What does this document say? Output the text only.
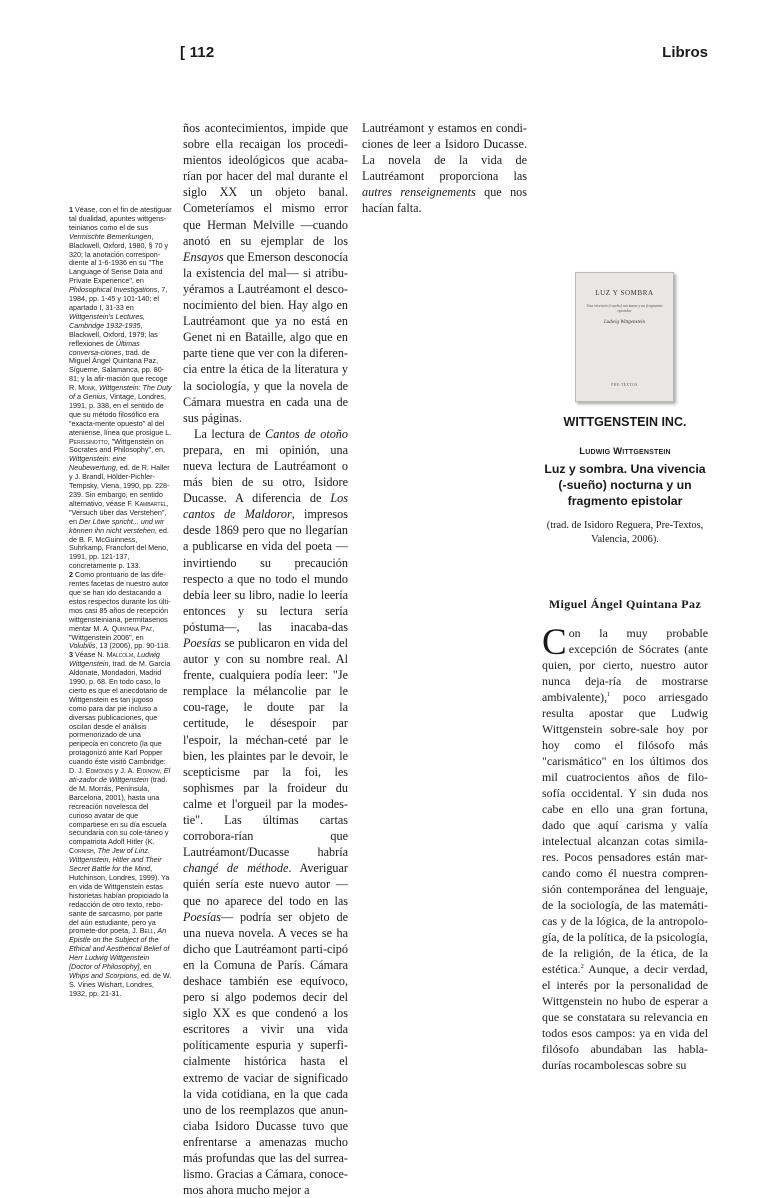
[ 112	Libros

1 Véase, con el fin de atestiguar tal dualidad, apuntes wittgens-teinianos como el de sus Vermischte Bemerkungen, Blackwell, Oxford, 1980, § 70 y 320; la anotación correspon-diente al 1-6-1936 en su "The Language of Sense Data and Private Experience", en Philosophical Investigations, 7, 1984, pp. 1-45 y 101-140; el apartado I, 31-33 en Wittgenstein's Lectures, Cambridge 1932-1935, Blackwell, Oxford, 1979; las reflexiones de Últimas conversa-ciones, trad. de Miguel Ángel Quintana Paz, Sígueme, Salamanca, pp. 80-81; y la afir-mación que recoge R. Monk, Wittgenstein: The Duty of a Genius, Vintage, Londres, 1991, p. 338, en el sentido de que su método filosófico era "exacta-mente opuesto" al del ateniense, línea que prosigue L. Perissinotto, "Wittgenstein on Socrates and Philosophy", en, Wittgenstein: eine Neubewertung, ed. de R. Haller y J. Brandl, Hölder-Pichler-Tempsky, Viena, 1990, pp. 228-239. Sin embargo, en sentido alternativo, véase F. Kambartel, "Versuch über das Verstehen", en Der Löwe spricht... und wir können ihn nicht verstehen, ed. de B. F. McGuinness, Suhrkamp, Francfort del Meno, 1991, pp. 121-137, concretamente p. 133.

2 Como prontuario de las dife-rentes facetas de nuestro autor que se han ido destacando a estos respectos durante los últi-mos casi 85 años de recepción wittgensteiniana, permitasenos mentar M. A. Quintana Paz, "Wittgenstein 2006", en Volubilis, 13 (2006), pp. 90-118.

3 Véase N. Malcolm, Ludwig Wittgenstein, trad. de M. García Aldonate, Mondadori, Madrid 1990, p. 68. En todo caso, lo cierto es que el anecdotario de Wittgenstein es tan jugoso como para dar pie incluso a diversas publicaciones, que oscilan desde el análisis pormenorizado de una peripecia en concreto (la que protagonizó ante Karl Popper cuando éste visitó Cambridge: D. J. Edmonds y J. A. Eidinow, El ati-zador de Wittgenstein (trad. de M. Morrás, Península, Barcelona, 2001), hasta una recreación novelesca del curioso avatar de que compartiese en su día escuela secundaria con su cole-táneo y compatriota Adolf Hitler (K. Cornish, The Jew of Linz. Wittgenstein, Hitler and Their Secret Battle for the Mind, Hutchinson, Londres, 1999). Ya en vida de Wittgenstein estas historietas habían propiciado la redacción de otro texto, rebo-sante de sarcasmo, por parte del aún estudiante, pero ya promete-dor poeta, J. Bell, An Epistle on the Subject of the Ethical and Aesthetical Belief of Herr Ludwig Wittgenstein [Doctor of Philosophy], en Whips and Scorpions, ed. de W. S. Vines Wishart, Londres, 1932, pp. 21-31.

ños acontecimientos, impide que sobre ella recaigan los procedi-mientos ideológicos que acaba-rían por hacer del mal durante el siglo XX un objeto banal. Cometeríamos el mismo error que Herman Melville —cuando anotó en su ejemplar de los Ensayos que Emerson desconocía la existencia del mal— si atribu-yéramos a Lautréamont el desco-nocimiento del bien. Hay algo en Lautréamont que ya no está en Genet ni en Bataille, algo que en parte tiene que ver con la diferen-cia entre la ética de la literatura y la sociología, y que la novela de Cámara muestra en cada una de sus páginas.

La lectura de Cantos de otoño prepara, en mi opinión, una nueva lectura de Lautréamont o más bien de su otro, Isidore Ducasse. A diferencia de Los cantos de Maldoror, impresos desde 1869 pero que no llegarían a publicarse en vida del poeta —invirtiendo su precaución respecto a que no todo el mundo debía leer su libro, nadie lo leería entonces y su lectura sería póstuma—, las inacaba-das Poesías se publicaron en vida del autor y con su nombre real. Al frente, cualquiera podía leer: "Je remplace la mélancolie par le cou-rage, le doute par la certitude, le désespoir par l'espoir, la méchan-ceté par le bien, les plaintes par le devoir, le scepticisme par la foi, les sophismes par la froideur du calme et l'orgueil par la modes-tie". Las últimas cartas corrobora-rían que Lautréamont/Ducasse habría changé de méthode. Averiguar quién sería este nuevo autor —que no aparece del todo en las Poesías— podría ser objeto de una nueva novela. A veces se ha dicho que Lautréamont parti-cipó en la Comuna de París. Cámara deshace también ese equívoco, pero si algo podemos decir del siglo XX es que condenó a los escritores a vivir una vida políticamente espuria y superfi-cialmente histórica hasta el extremo de vaciar de significado la vida cotidiana, en la que cada uno de los reemplazos que anun-ciaba Isidoro Ducasse tuvo que enfrentarse a amenazas mucho más profundas que las del surrea-lismo. Gracias a Cámara, conoce-mos ahora mucho mejor a

Lautréamont y estamos en condi-ciones de leer a Isidoro Ducasse. La novela de la vida de Lautréamont proporciona las autres renseignements que nos hacían falta.

LUZ Y SOMBRA
Una vivencia (-sueño) nocturna y un fragmento epistolar
Ludwig Wittgenstein
PRE-TEXTOS
WITTGENSTEIN INC.
Ludwig Wittgenstein
Luz y sombra. Una vivencia (-sueño) nocturna y un fragmento epistolar
(trad. de Isidoro Reguera, Pre-Textos, Valencia, 2006).
Miguel Ángel Quintana Paz

Con la muy probable excepción de Sócrates (ante quien, por cierto, nuestro autor nunca deja-ría de mostrarse ambivalente),$^1$ poco arriesgado resulta apostar que Ludwig Wittgenstein sobre-sale hoy por hoy como el filósofo más "carismático" en los últimos dos mil cuatrocientos años de filo-sofía occidental. Y sin duda nos cabe en ello una gran fortuna, dado que aquí carisma y valía intelectual alcanzan cotas simila-res. Pocos pensadores están mar-cando como él nuestra compren-sión contemporánea del lenguaje, de la sociología, de las matemáti-cas y de la lógica, de la antropolo-gía, de la política, de la psicología, de la religión, de la ética, de la estética.$^2$ Aunque, a decir verdad, el interés por la personalidad de Wittgenstein no hubo de esperar a que se constatara su relevancia en todos esos campos: ya en vida del filósofo abundaban las habla-durías rocambolescas sobre su
